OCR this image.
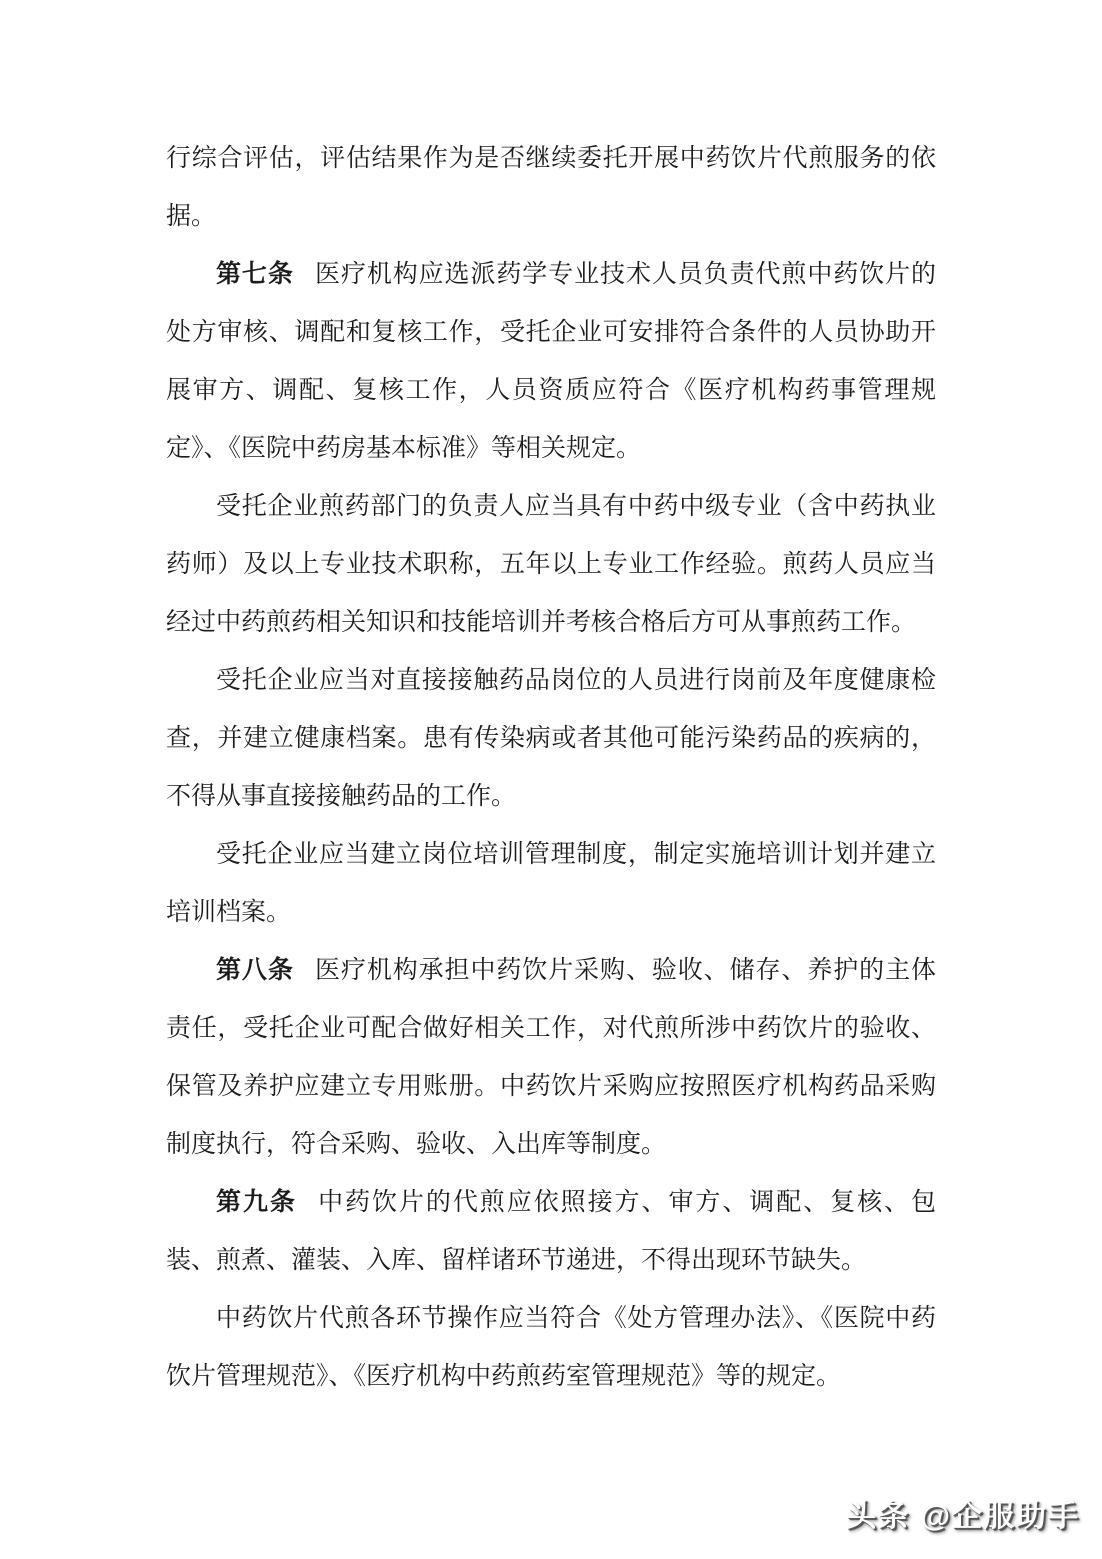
行综合评估，评估结果作为是否继续委托开展中药饮片代煎服务的依据。

第七条 医疗机构应选派药学专业技术人员负责代煎中药饮片的处方审核、调配和复核工作，受托企业可安排符合条件的人员协助开展审方、调配、复核工作，人员资质应符合《医疗机构药事管理规定》、《医院中药房基本标准》等相关规定。

受托企业煎药部门的负责人应当具有中药中级专业（含中药执业药师）及以上专业技术职称，五年以上专业工作经验。煎药人员应当经过中药煎药相关知识和技能培训并考核合格后方可从事煎药工作。

受托企业应当对直接接触药品岗位的人员进行岗前及年度健康检查，并建立健康档案。患有传染病或者其他可能污染药品的疾病的，不得从事直接接触药品的工作。

受托企业应当建立岗位培训管理制度，制定实施培训计划并建立培训档案。

第八条 医疗机构承担中药饮片采购、验收、储存、养护的主体责任，受托企业可配合做好相关工作，对代煎所涉中药饮片的验收、保管及养护应建立专用账册。中药饮片采购应按照医疗机构药品采购制度执行，符合采购、验收、入出库等制度。

第九条 中药饮片的代煎应依照接方、审方、调配、复核、包装、煎煮、灌装、入库、留样诸环节递进，不得出现环节缺失。

中药饮片代煎各环节操作应当符合《处方管理办法》、《医院中药饮片管理规范》、《医疗机构中药煎药室管理规范》等的规定。

头条 @企服助手
